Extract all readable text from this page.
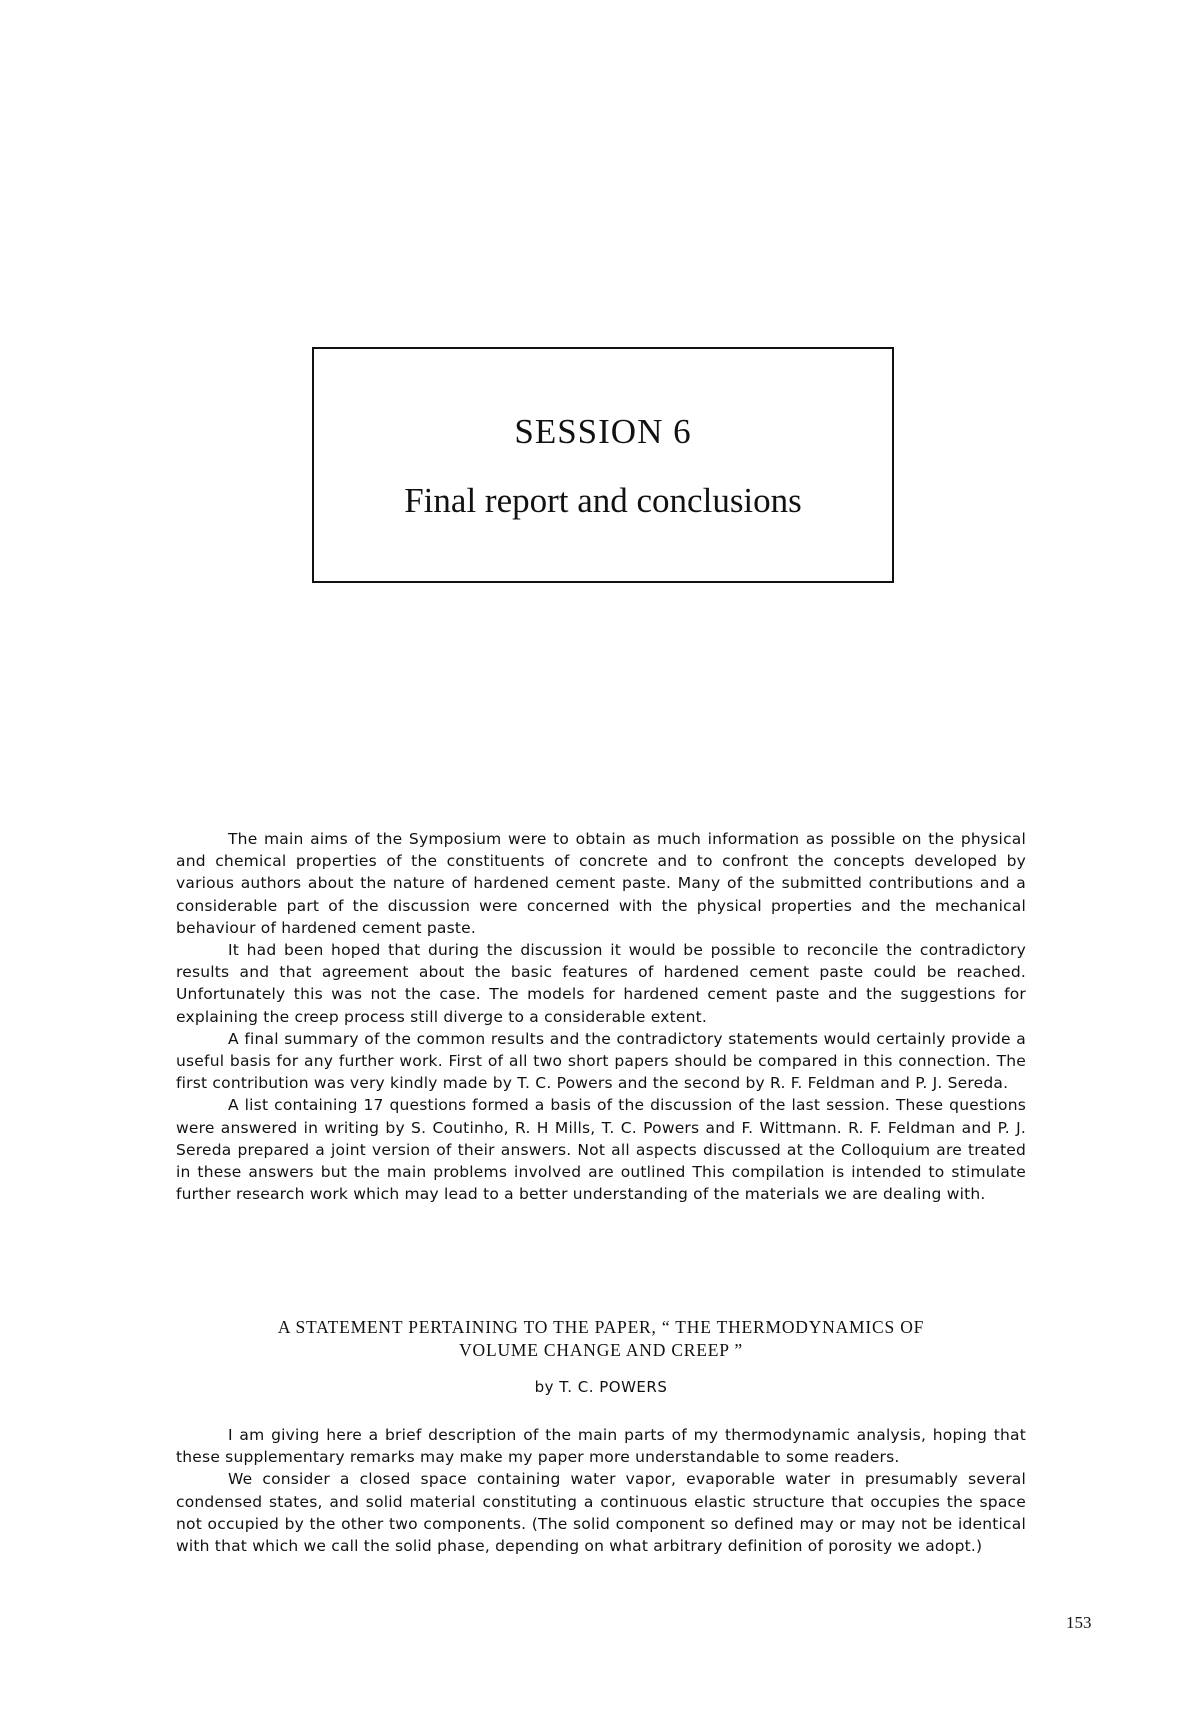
SESSION 6
Final report and conclusions

The main aims of the Symposium were to obtain as much information as possible on the physical and chemical properties of the constituents of concrete and to confront the concepts developed by various authors about the nature of hardened cement paste. Many of the submitted contributions and a considerable part of the discussion were concerned with the physical properties and the mechanical behaviour of hardened cement paste.

It had been hoped that during the discussion it would be possible to reconcile the contradictory results and that agreement about the basic features of hardened cement paste could be reached. Unfortunately this was not the case. The models for hardened cement paste and the suggestions for explaining the creep process still diverge to a considerable extent.

A final summary of the common results and the contradictory statements would certainly provide a useful basis for any further work. First of all two short papers should be compared in this connection. The first contribution was very kindly made by T. C. Powers and the second by R. F. Feldman and P. J. Sereda.

A list containing 17 questions formed a basis of the discussion of the last session. These questions were answered in writing by S. Coutinho, R. H Mills, T. C. Powers and F. Wittmann. R. F. Feldman and P. J. Sereda prepared a joint version of their answers. Not all aspects discussed at the Colloquium are treated in these answers but the main problems involved are outlined This compilation is intended to stimulate further research work which may lead to a better understanding of the materials we are dealing with.

A STATEMENT PERTAINING TO THE PAPER, “ THE THERMODYNAMICS OF
VOLUME CHANGE AND CREEP ”
by T. C. POWERS

I am giving here a brief description of the main parts of my thermodynamic analysis, hoping that these supplementary remarks may make my paper more understandable to some readers.

We consider a closed space containing water vapor, evaporable water in presumably several condensed states, and solid material constituting a continuous elastic structure that occupies the space not occupied by the other two components. (The solid component so defined may or may not be identical with that which we call the solid phase, depending on what arbitrary definition of porosity we adopt.)

153
